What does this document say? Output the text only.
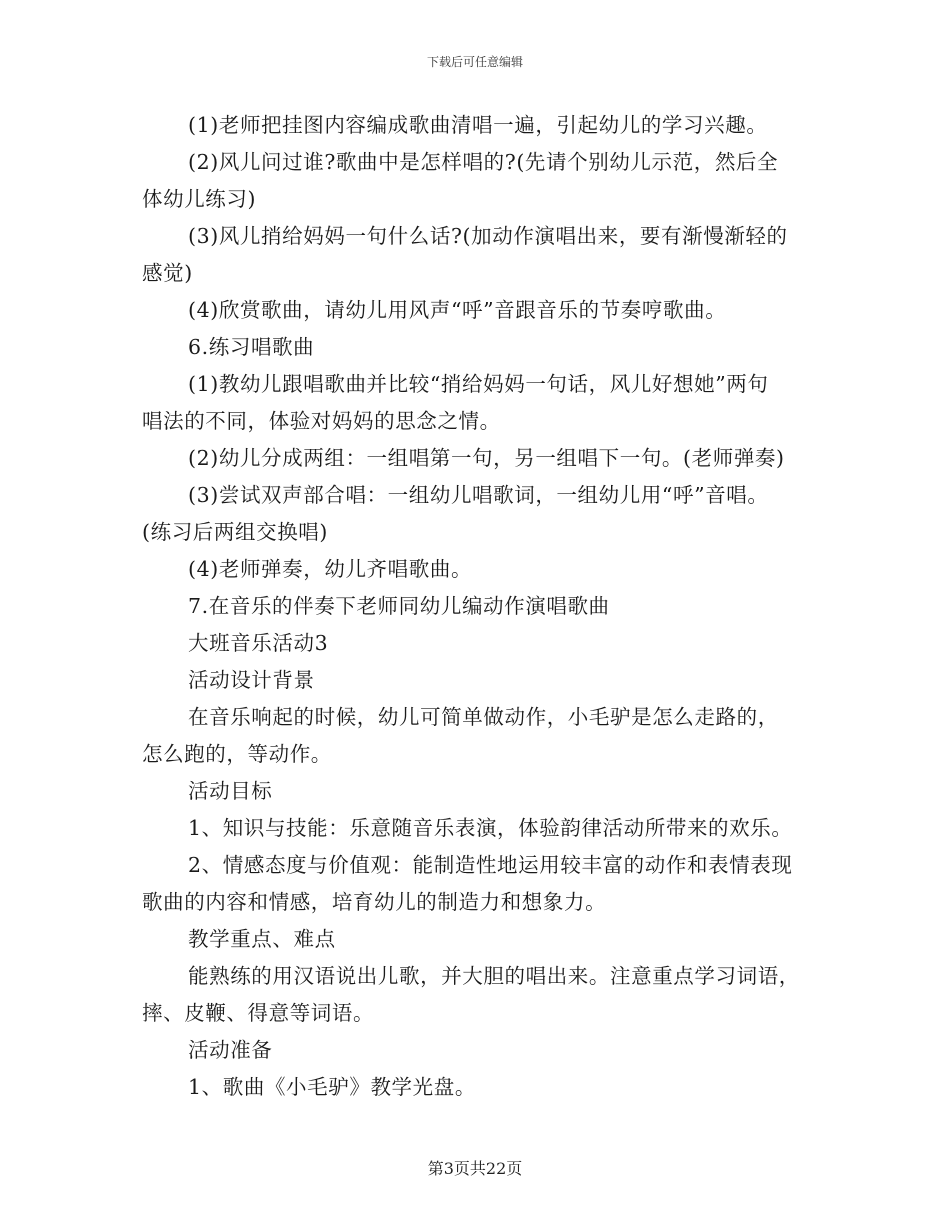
下载后可任意编辑
(1)老师把挂图内容编成歌曲清唱一遍，引起幼儿的学习兴趣。
(2)风儿问过谁?歌曲中是怎样唱的?(先请个别幼儿示范，然后全
体幼儿练习)
(3)风儿捎给妈妈一句什么话?(加动作演唱出来，要有渐慢渐轻的
感觉)
(4)欣赏歌曲，请幼儿用风声“呼”音跟音乐的节奏哼歌曲。
6.练习唱歌曲
(1)教幼儿跟唱歌曲并比较“捎给妈妈一句话，风儿好想她”两句
唱法的不同，体验对妈妈的思念之情。
(2)幼儿分成两组：一组唱第一句，另一组唱下一句。(老师弹奏)
(3)尝试双声部合唱：一组幼儿唱歌词，一组幼儿用“呼”音唱。
(练习后两组交换唱)
(4)老师弹奏，幼儿齐唱歌曲。
7.在音乐的伴奏下老师同幼儿编动作演唱歌曲
大班音乐活动3
活动设计背景
在音乐响起的时候，幼儿可简单做动作，小毛驴是怎么走路的，
怎么跑的，等动作。
活动目标
1、知识与技能：乐意随音乐表演，体验韵律活动所带来的欢乐。
2、情感态度与价值观：能制造性地运用较丰富的动作和表情表现
歌曲的内容和情感，培育幼儿的制造力和想象力。
教学重点、难点
能熟练的用汉语说出儿歌，并大胆的唱出来。注意重点学习词语，
摔、皮鞭、得意等词语。
活动准备
1、歌曲《小毛驴》教学光盘。
第3页共22页
